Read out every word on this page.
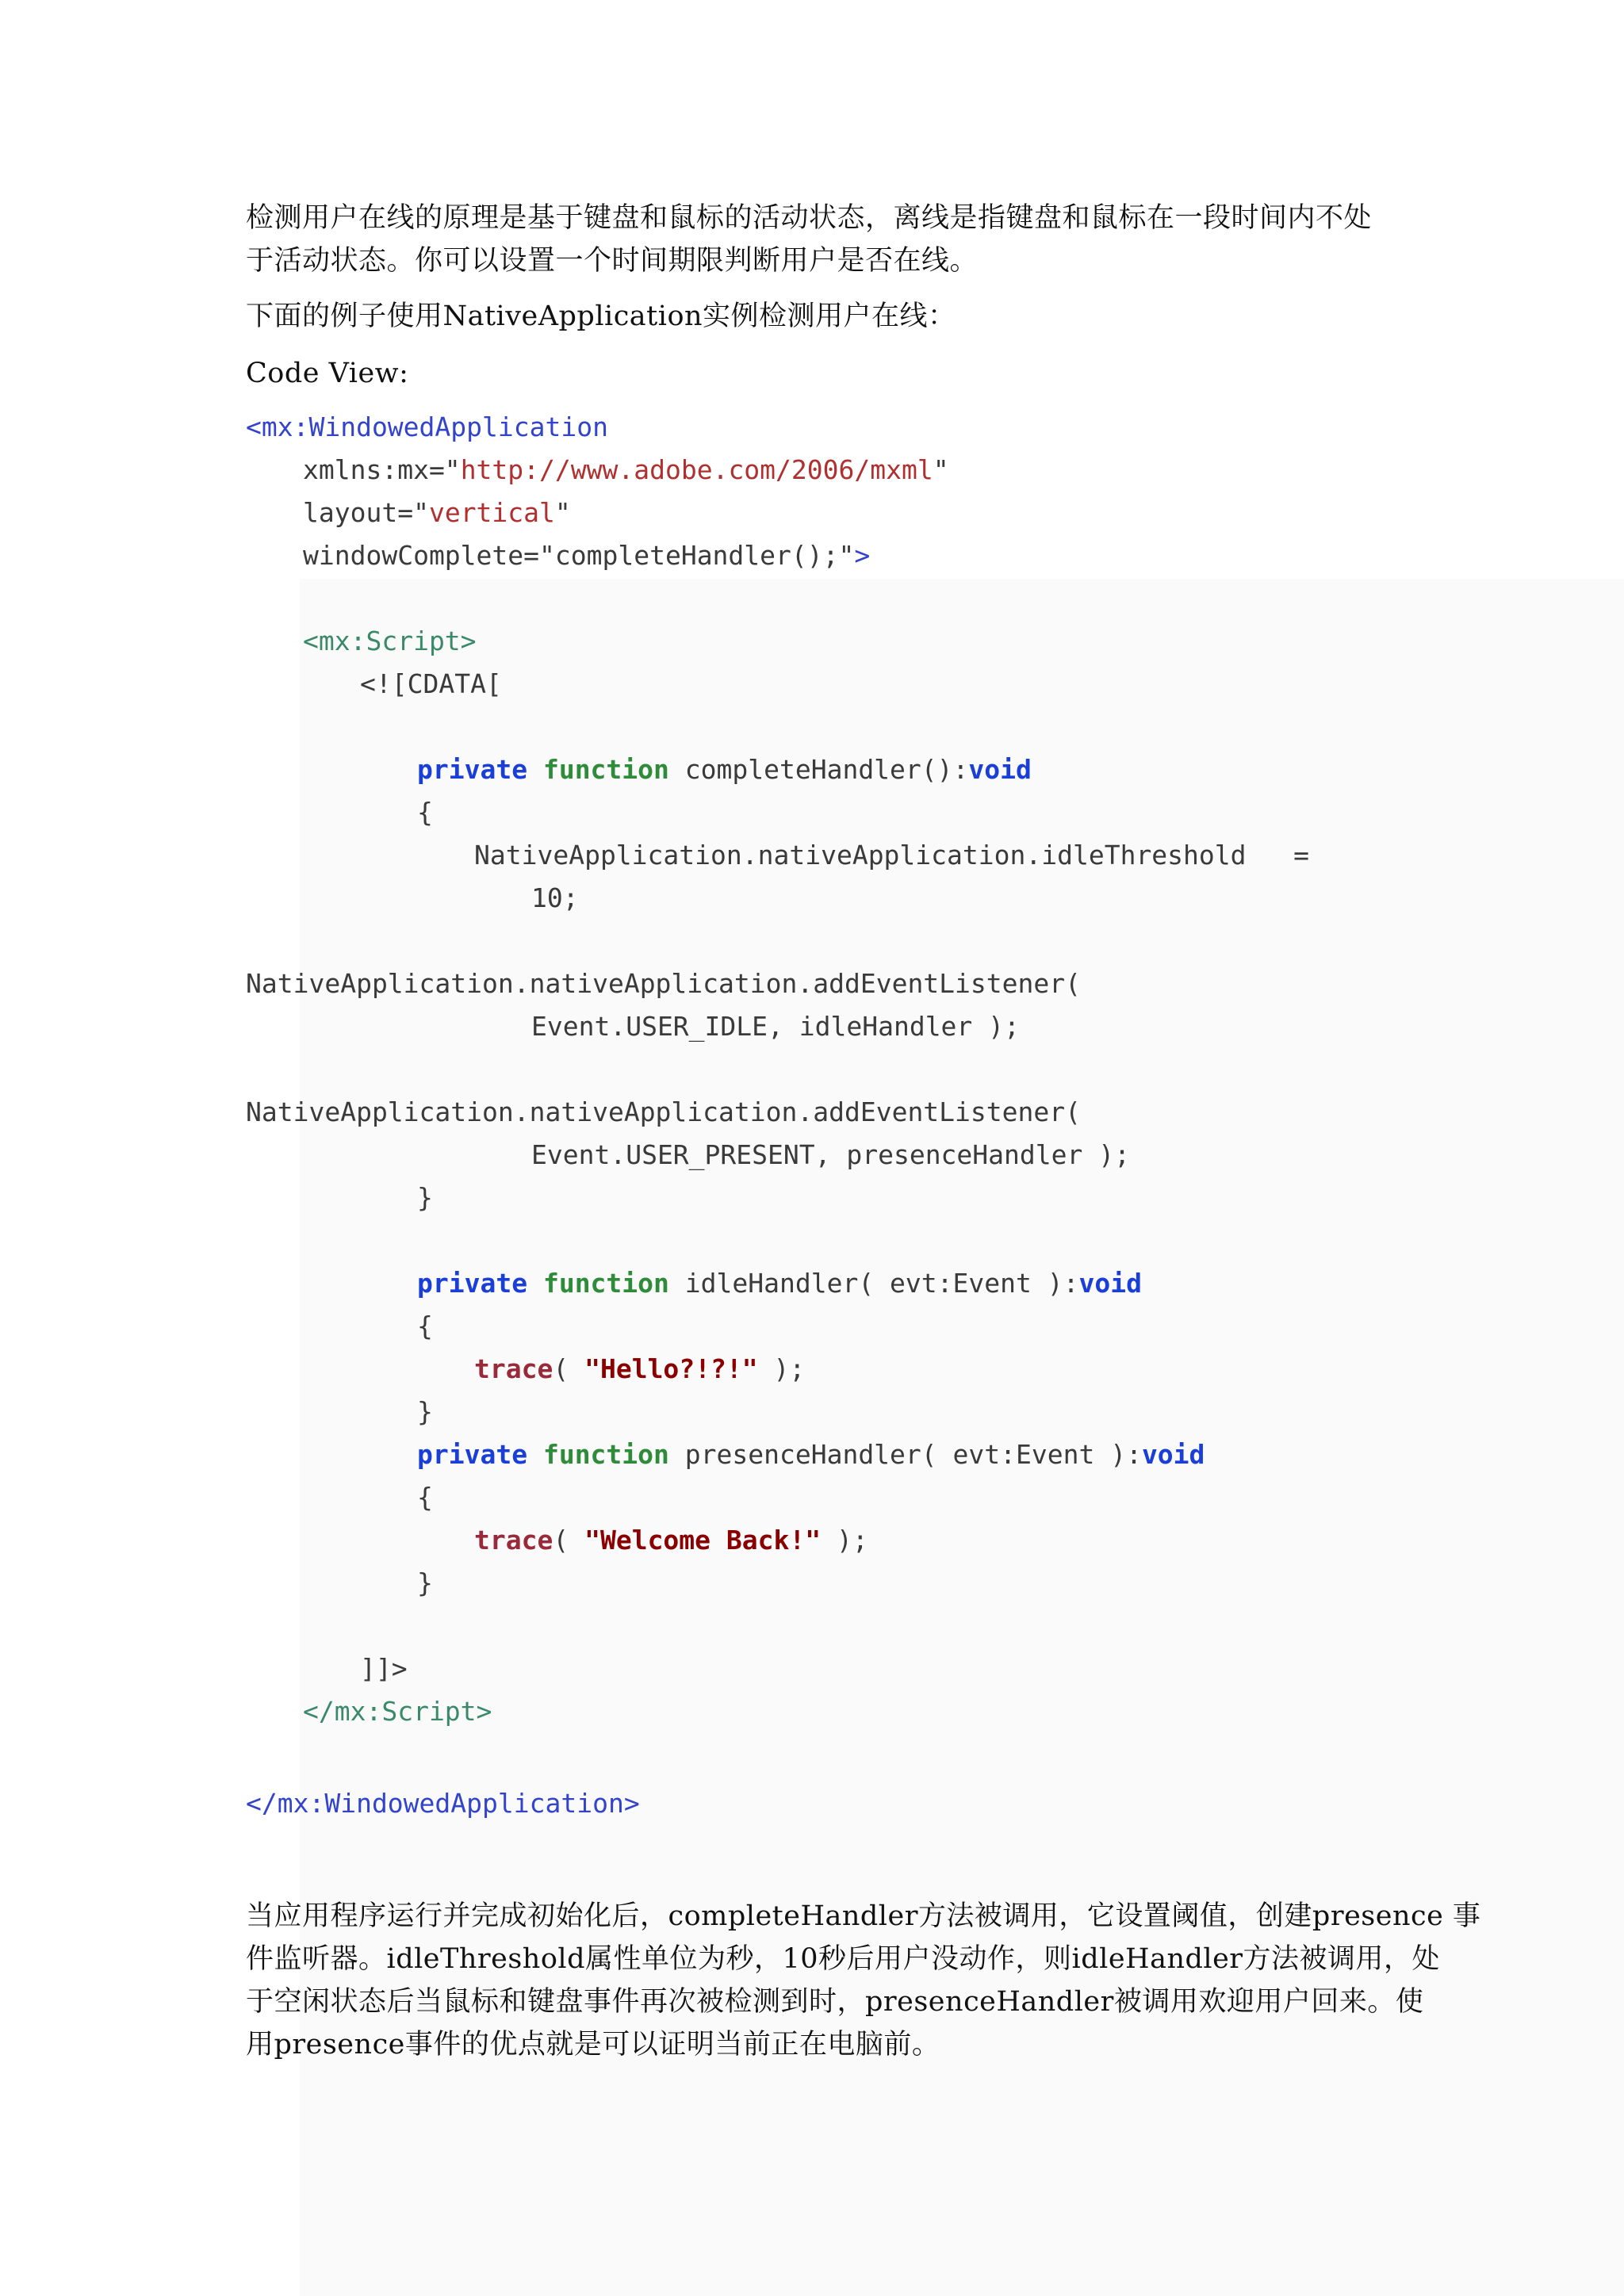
检测用户在线的原理是基于键盘和鼠标的活动状态，离线是指键盘和鼠标在一段时间内不处
于活动状态。你可以设置一个时间期限判断用户是否在线。
下面的例子使用NativeApplication实例检测用户在线：
Code View:
<mx:WindowedApplication
xmlns:mx="http://www.adobe.com/2006/mxml"
layout="vertical"
windowComplete="completeHandler();">
<mx:Script>
<![CDATA[
private function completeHandler():void
{
NativeApplication.nativeApplication.idleThreshold   =
10;
NativeApplication.nativeApplication.addEventListener(
Event.USER_IDLE, idleHandler );
NativeApplication.nativeApplication.addEventListener(
Event.USER_PRESENT, presenceHandler );
}
private function idleHandler( evt:Event ):void
{
trace( "Hello?!?!" );
}
private function presenceHandler( evt:Event ):void
{
trace( "Welcome Back!" );
}
]]>
</mx:Script>
</mx:WindowedApplication>
当应用程序运行并完成初始化后，completeHandler方法被调用，它设置阈值，创建presence 事
件监听器。idleThreshold属性单位为秒，10秒后用户没动作，则idleHandler方法被调用，处
于空闲状态后当鼠标和键盘事件再次被检测到时，presenceHandler被调用欢迎用户回来。使
用presence事件的优点就是可以证明当前正在电脑前。
